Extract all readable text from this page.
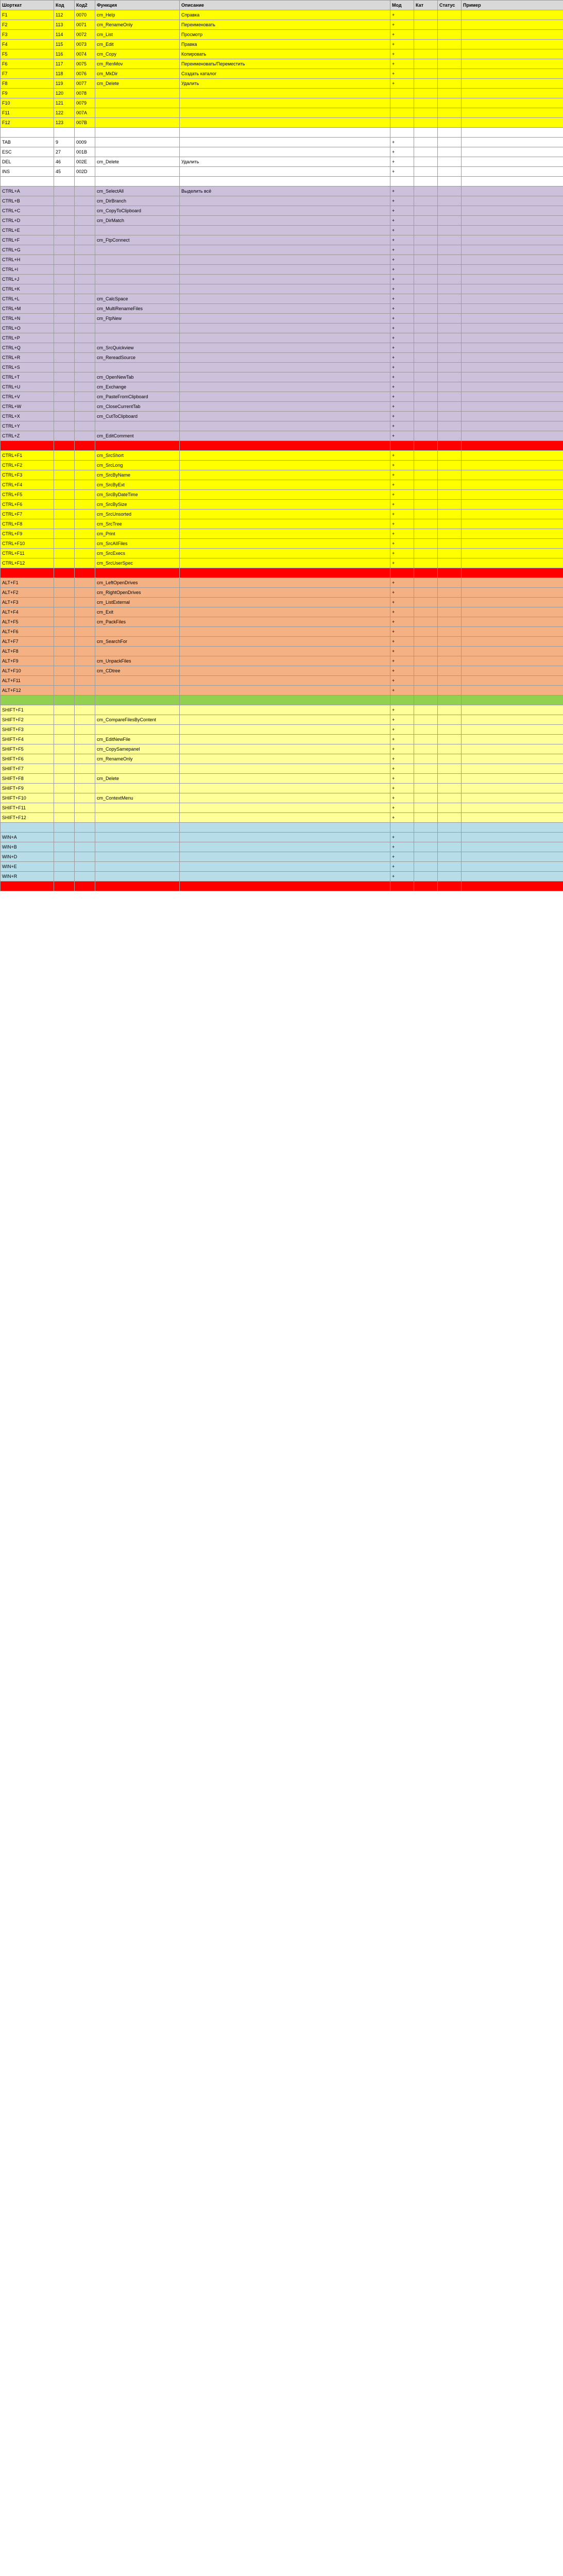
Шорткат	Код	Код2	Функция	Описание	Мод	Кат	Статус	Пример
F1	112	0070	cm_Help	Справка	+			
F2	113	0071	cm_RenameOnly	Переименовать	+			
F3	114	0072	cm_List	Просмотр	+			
F4	115	0073	cm_Edit	Правка	+			
F5	116	0074	cm_Copy	Копировать	+			
F6	117	0075	cm_RenMov	Переименовать/Переместить	+			
F7	118	0076	cm_MkDir	Создать каталог	+			
F8	119	0077	cm_Delete	Удалить	+			
F9	120	0078						
F10	121	0079						
F11	122	007A						
F12	123	007B						

TAB	9	0009			+			
ESC	27	001B			+			
DEL	46	002E	cm_Delete	Удалить	+			
INS	45	002D			+			

CTRL+A			cm_SelectAll	Выделить всё	+			
CTRL+B			cm_DirBranch		+			
CTRL+C			cm_CopyToClipboard		+			
CTRL+D			cm_DirMatch		+			
CTRL+E					+			
CTRL+F			cm_FtpConnect		+			
CTRL+G					+			
CTRL+H					+			
CTRL+I					+			
CTRL+J					+			
CTRL+K					+			
CTRL+L			cm_CalcSpace		+			
CTRL+M			cm_MultiRenameFiles		+			
CTRL+N			cm_FtpNew		+			
CTRL+O					+			
CTRL+P					+			
CTRL+Q			cm_SrcQuickview		+			
CTRL+R			cm_RereadSource		+			
CTRL+S					+			
CTRL+T			cm_OpenNewTab		+			
CTRL+U			cm_Exchange		+			
CTRL+V			cm_PasteFromClipboard		+			
CTRL+W			cm_CloseCurrentTab		+			
CTRL+X			cm_CutToClipboard		+			
CTRL+Y					+			
CTRL+Z			cm_EditComment		+			

CTRL+F1			cm_SrcShort		+			
CTRL+F2			cm_SrcLong		+			
CTRL+F3			cm_SrcByName		+			
CTRL+F4			cm_SrcByExt		+			
CTRL+F5			cm_SrcByDateTime		+			
CTRL+F6			cm_SrcBySize		+			
CTRL+F7			cm_SrcUnsorted		+			
CTRL+F8			cm_SrcTree		+			
CTRL+F9			cm_Print		+			
CTRL+F10			cm_SrcAllFiles		+			
CTRL+F11			cm_SrcExecs		+			
CTRL+F12			cm_SrcUserSpec		+			

ALT+F1			cm_LeftOpenDrives		+			
ALT+F2			cm_RightOpenDrives		+			
ALT+F3			cm_ListExternal		+			
ALT+F4			cm_Exit		+			
ALT+F5			cm_PackFiles		+			
ALT+F6					+			
ALT+F7			cm_SearchFor		+			
ALT+F8					+			
ALT+F9			cm_UnpackFiles		+			
ALT+F10			cm_CDtree		+			
ALT+F11					+			
ALT+F12					+			

SHIFT+F1					+			
SHIFT+F2			cm_CompareFilesByContent		+			
SHIFT+F3					+			
SHIFT+F4			cm_EditNewFile		+			
SHIFT+F5			cm_CopySamepanel		+			
SHIFT+F6			cm_RenameOnly		+			
SHIFT+F7					+			
SHIFT+F8			cm_Delete		+			
SHIFT+F9					+			
SHIFT+F10			cm_ContextMenu		+			
SHIFT+F11					+			
SHIFT+F12					+			

WIN+A					+			
WIN+B					+			
WIN+D					+			
WIN+E					+			
WIN+R					+			
